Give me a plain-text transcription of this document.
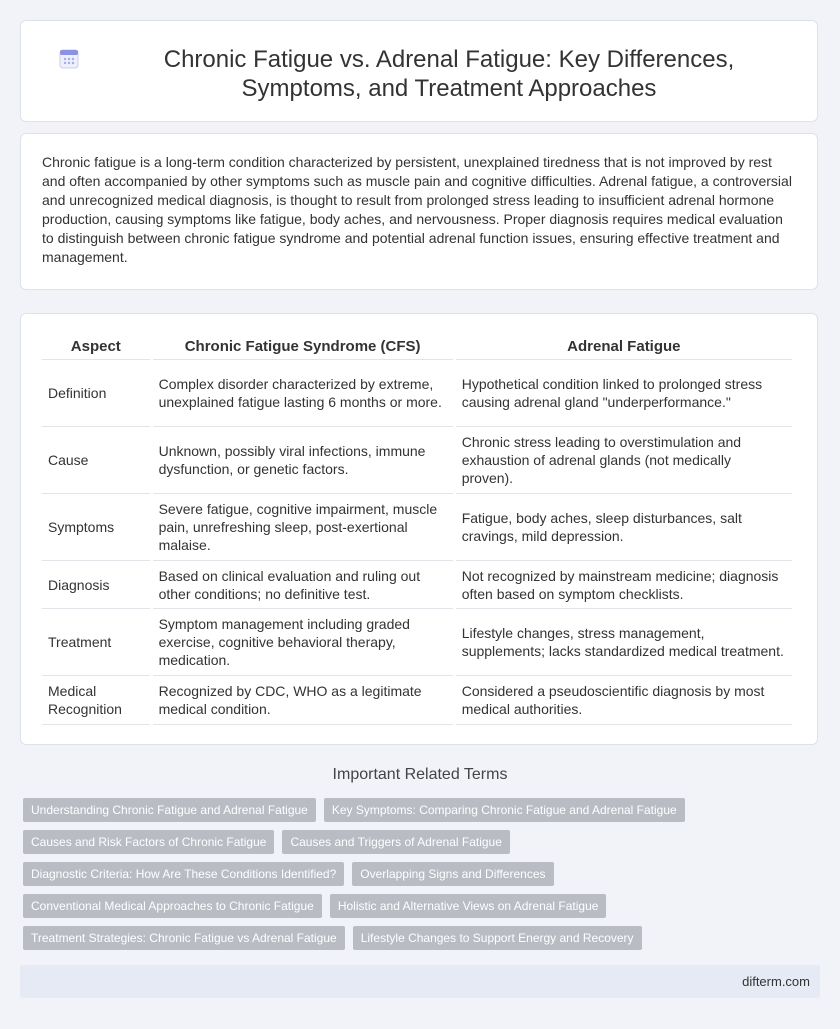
Chronic Fatigue vs. Adrenal Fatigue: Key Differences, Symptoms, and Treatment Approaches

Chronic fatigue is a long-term condition characterized by persistent, unexplained tiredness that is not improved by rest and often accompanied by other symptoms such as muscle pain and cognitive difficulties. Adrenal fatigue, a controversial and unrecognized medical diagnosis, is thought to result from prolonged stress leading to insufficient adrenal hormone production, causing symptoms like fatigue, body aches, and nervousness. Proper diagnosis requires medical evaluation to distinguish between chronic fatigue syndrome and potential adrenal function issues, ensuring effective treatment and management.

Aspect	Chronic Fatigue Syndrome (CFS)	Adrenal Fatigue
Definition	Complex disorder characterized by extreme, unexplained fatigue lasting 6 months or more.	Hypothetical condition linked to prolonged stress causing adrenal gland "underperformance."
Cause	Unknown, possibly viral infections, immune dysfunction, or genetic factors.	Chronic stress leading to overstimulation and exhaustion of adrenal glands (not medically proven).
Symptoms	Severe fatigue, cognitive impairment, muscle pain, unrefreshing sleep, post-exertional malaise.	Fatigue, body aches, sleep disturbances, salt cravings, mild depression.
Diagnosis	Based on clinical evaluation and ruling out other conditions; no definitive test.	Not recognized by mainstream medicine; diagnosis often based on symptom checklists.
Treatment	Symptom management including graded exercise, cognitive behavioral therapy, medication.	Lifestyle changes, stress management, supplements; lacks standardized medical treatment.
Medical Recognition	Recognized by CDC, WHO as a legitimate medical condition.	Considered a pseudoscientific diagnosis by most medical authorities.
Important Related Terms
Understanding Chronic Fatigue and Adrenal Fatigue	Key Symptoms: Comparing Chronic Fatigue and Adrenal Fatigue
Causes and Risk Factors of Chronic Fatigue	Causes and Triggers of Adrenal Fatigue
Diagnostic Criteria: How Are These Conditions Identified?	Overlapping Signs and Differences
Conventional Medical Approaches to Chronic Fatigue	Holistic and Alternative Views on Adrenal Fatigue
Treatment Strategies: Chronic Fatigue vs Adrenal Fatigue	Lifestyle Changes to Support Energy and Recovery
difterm.com
